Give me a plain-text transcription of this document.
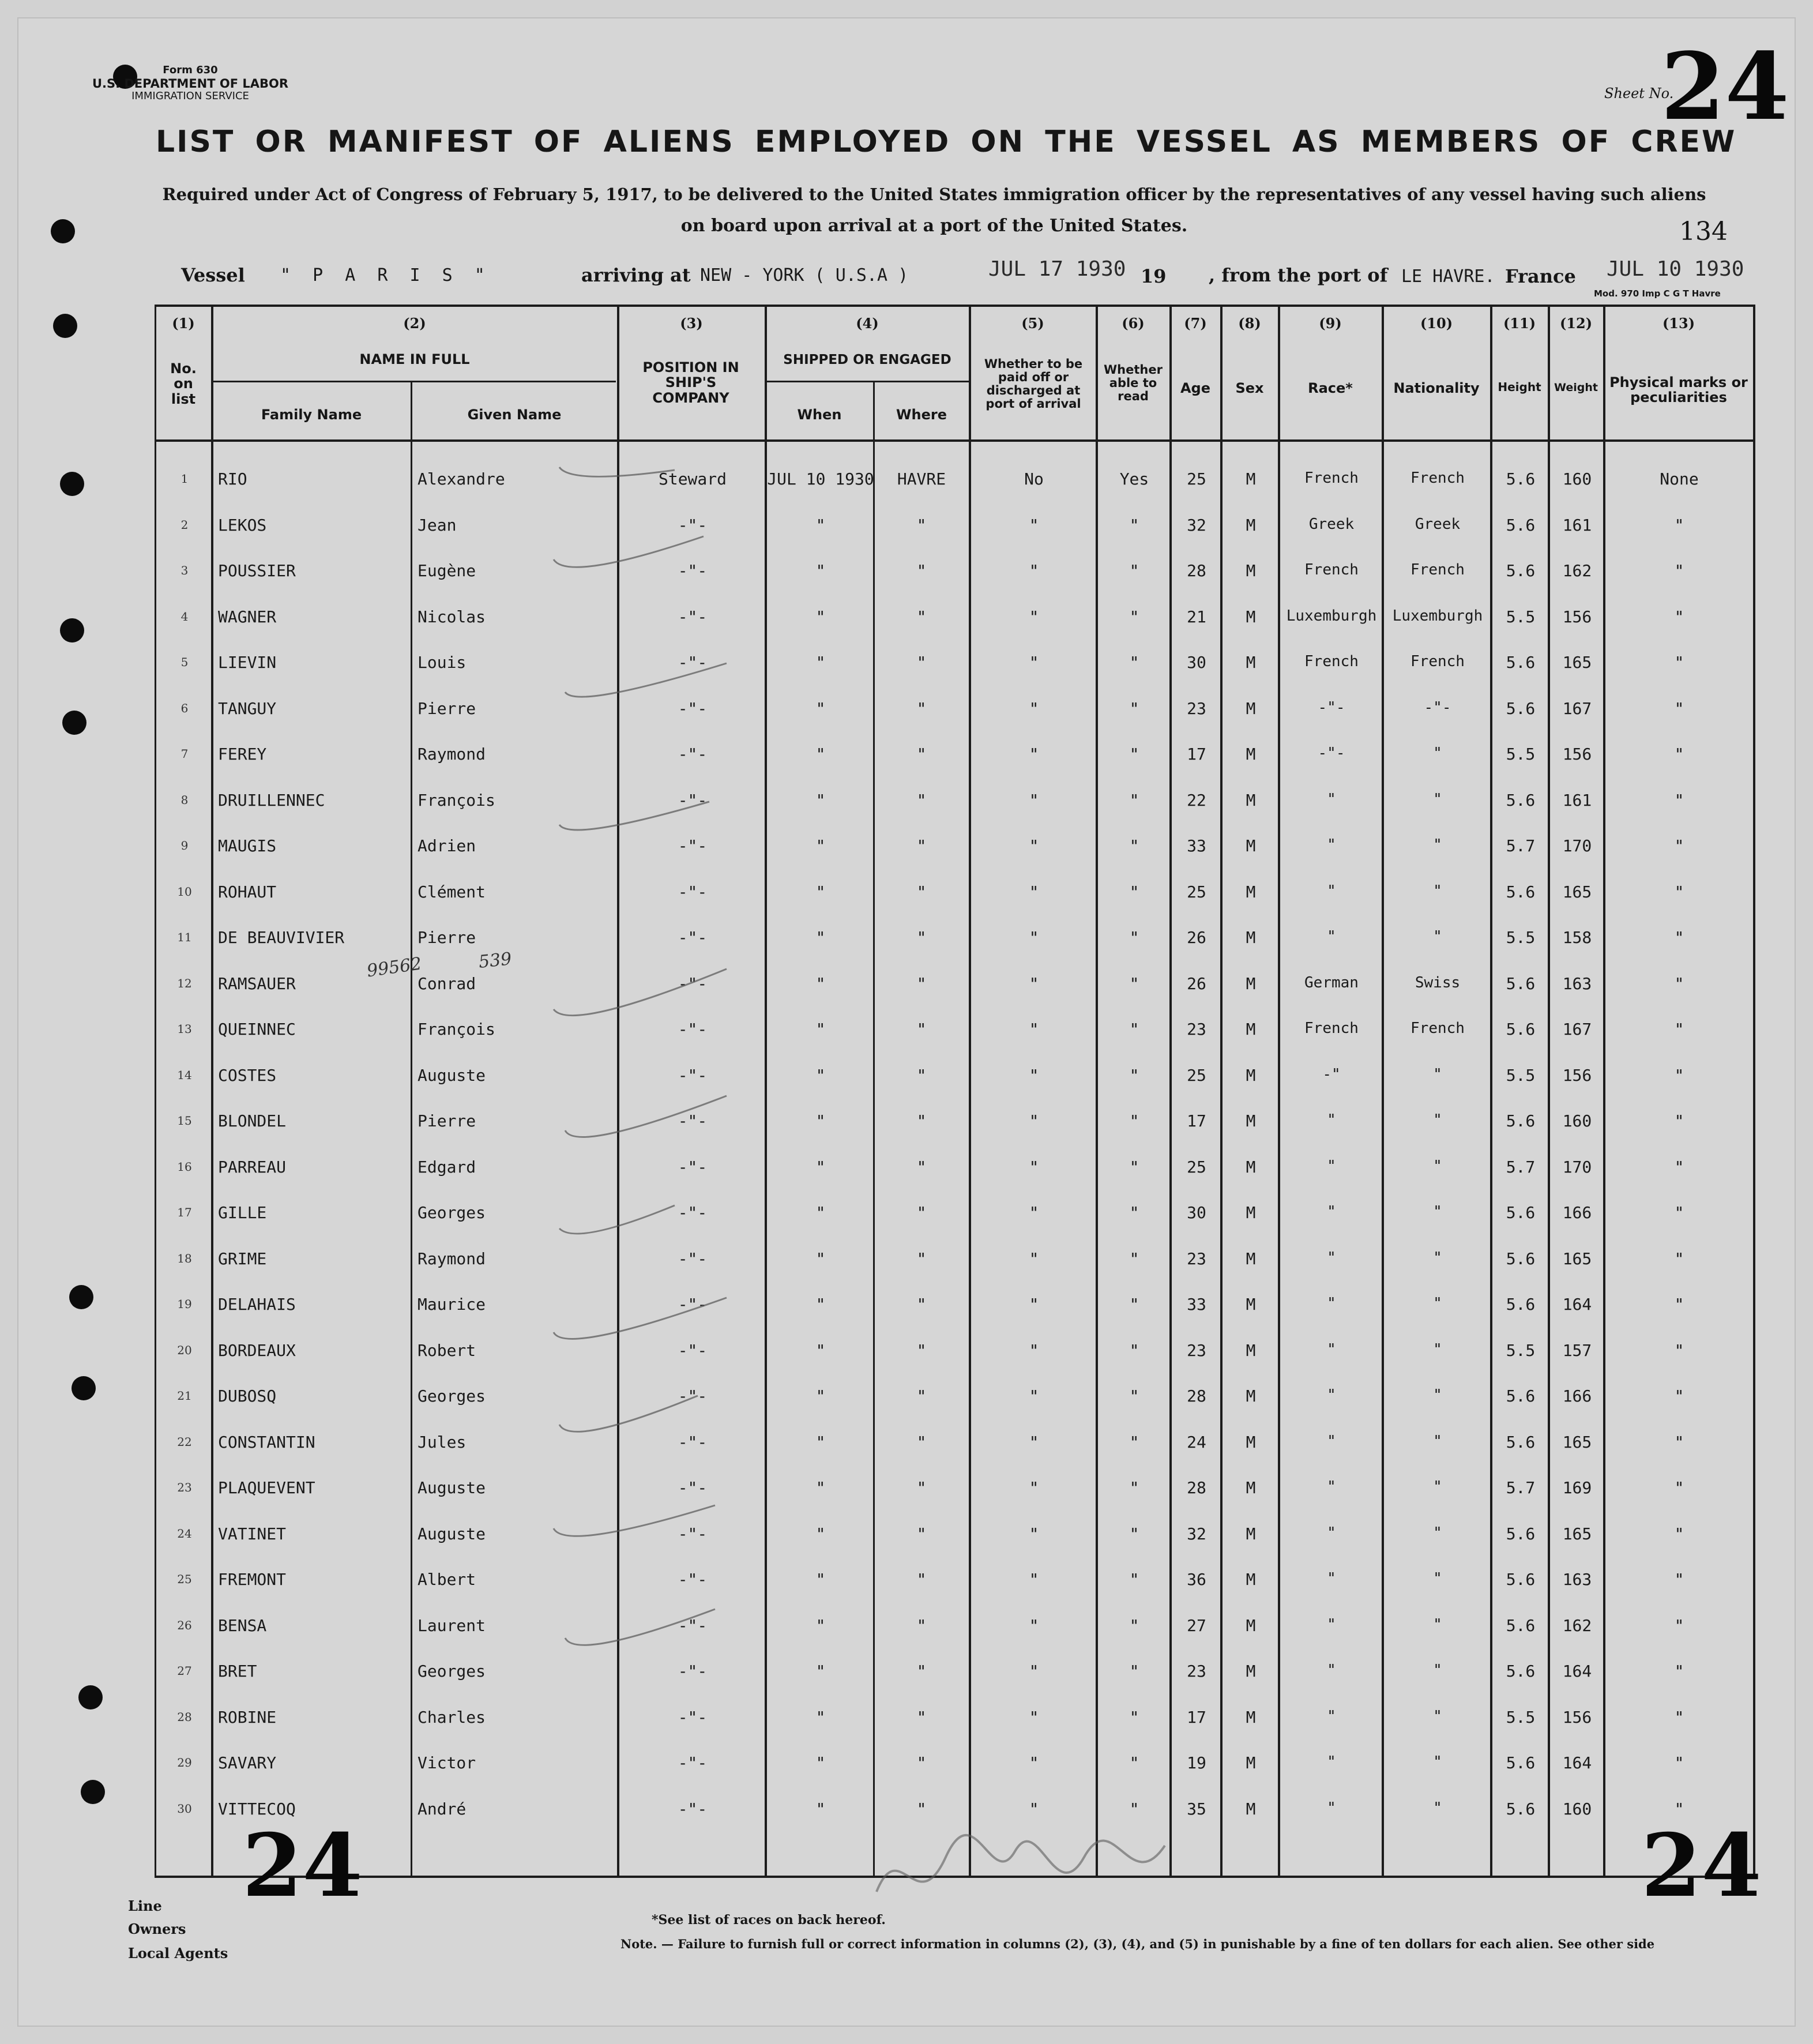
Form 630
U.S. DEPARTMENT OF LABOR
IMMIGRATION SERVICE	Sheet No.
24
LIST OR MANIFEST OF ALIENS EMPLOYED ON THE VESSEL AS MEMBERS OF CREW
Required under Act of Congress of February 5, 1917, to be delivered to the United States immigration officer by the representatives of any vessel having such aliens
on board upon arrival at a port of the United States.	134
Vessel " P A R I S "	arriving at NEW - YORK ( U.S.A )	JUL 17 1930 19 , from the port of LE HAVRE. France JUL 10 1930
Mod. 970 Imp C G T Havre
(1)
No. on list
(2)
NAME IN FULL
Family Name	Given Name
(3)
POSITION IN SHIP'S COMPANY
(4)
SHIPPED OR ENGAGED
When	Where
(5)
Whether to be paid off or discharged at port of arrival
(6)
Whether able to read
(7)
Age
(8)
Sex
(9)
Race*
(10)
Nationality
(11)
Height
(12)
Weight
(13)
Physical marks or peculiarities
1	RIO	Alexandre	Steward	JUL 10 1930	HAVRE	No	Yes	25	M	French	French	5.6	160	None
2	LEKOS	Jean	-"-	"	"	"	"	32	M	Greek	Greek	5.6	161	"
3	POUSSIER	Eugène	-"-	"	"	"	"	28	M	French	French	5.6	162	"
4	WAGNER	Nicolas	-"-	"	"	"	"	21	M	Luxemburgh	Luxemburgh	5.5	156	"
5	LIEVIN	Louis	-"-	"	"	"	"	30	M	French	French	5.6	165	"
6	TANGUY	Pierre	-"-	"	"	"	"	23	M	-"-	-"-	5.6	167	"
7	FEREY	Raymond	-"-	"	"	"	"	17	M	-"-	"	5.5	156	"
8	DRUILLENNEC	François	-"-	"	"	"	"	22	M	"	"	5.6	161	"
9	MAUGIS	Adrien	-"-	"	"	"	"	33	M	"	"	5.7	170	"
10 ROHAUT	Clément	-"-	"	"	"	"	25	M	"	"	5.6	165	"
11 DE BEAUVIVIER	Pierre	-"-	"	"	"	"	26	M	"	"	5.5	158	"
12 RAMSAUER	Conrad	-"-	"	"	"	"	26	M	German	Swiss	5.6	163	"
13 QUEINNEC	François	-"-	"	"	"	"	23	M	French	French	5.6	167	"
14 COSTES	Auguste	-"-	"	"	"	"	25	M	-"	"	5.5	156	"
15 BLONDEL	Pierre	-"-	"	"	"	"	17	M	"	"	5.6	160	"
16 PARREAU	Edgard	-"-	"	"	"	"	25	M	"	"	5.7	170	"
17 GILLE	Georges	-"-	"	"	"	"	30	M	"	"	5.6	166	"
18 GRIME	Raymond	-"-	"	"	"	"	23	M	"	"	5.6	165	"
19 DELAHAIS	Maurice	-"-	"	"	"	"	33	M	"	"	5.6	164	"
20 BORDEAUX	Robert	-"-	"	"	"	"	23	M	"	"	5.5	157	"
21 DUBOSQ	Georges	-"-	"	"	"	"	28	M	"	"	5.6	166	"
22 CONSTANTIN	Jules	-"-	"	"	"	"	24	M	"	"	5.6	165	"
23 PLAQUEVENT	Auguste	-"-	"	"	"	"	28	M	"	"	5.7	169	"
24 VATINET	Auguste	-"-	"	"	"	"	32	M	"	"	5.6	165	"
25 FREMONT	Albert	-"-	"	"	"	"	36	M	"	"	5.6	163	"
26 BENSA	Laurent	-"-	"	"	"	"	27	M	"	"	5.6	162	"
27 BRET	Georges	-"-	"	"	"	"	23	M	"	"	5.6	164	"
28 ROBINE	Charles	-"-	"	"	"	"	17	M	"	"	5.5	156	"
29 SAVARY	Victor	-"-	"	"	"	"	19	M	"	"	5.6	164	"
30 VITTECOQ	André	-"-	"	"	"	"	35	M	"	"	5.6	160	"
99562	539
24	24
Line
Owners
Local Agents
*See list of races on back hereof.
Note. — Failure to furnish full or correct information in columns (2), (3), (4), and (5) in punishable by a fine of ten dollars for each alien. See other side
